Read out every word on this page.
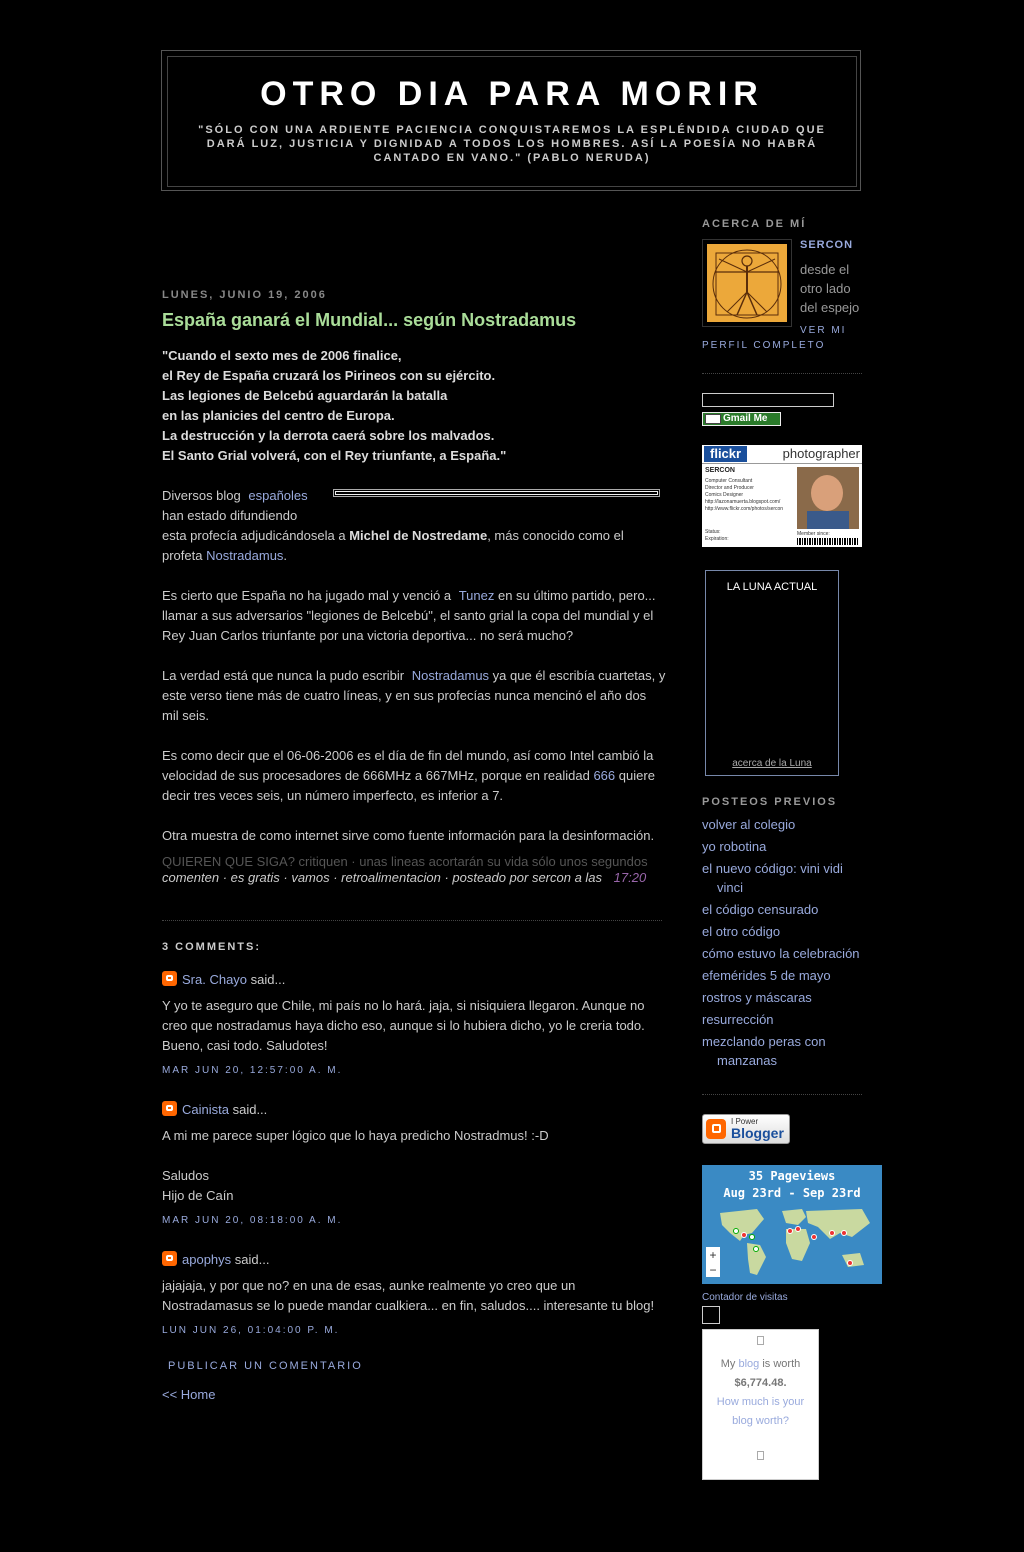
OTRO DIA PARA MORIR
"SÓLO CON UNA ARDIENTE PACIENCIA CONQUISTAREMOS LA ESPLÉNDIDA CIUDAD QUE DARÁ LUZ, JUSTICIA Y DIGNIDAD A TODOS LOS HOMBRES. ASÍ LA POESÍA NO HABRÁ CANTADO EN VANO." (PABLO NERUDA)
LUNES, JUNIO 19, 2006
España ganará el Mundial... según Nostradamus
"Cuando el sexto mes de 2006 finalice,
el Rey de España cruzará los Pirineos con su ejército.
Las legiones de Belcebú aguardarán la batalla
en las planicies del centro de Europa.
La destrucción y la derrota caerá sobre los malvados.
El Santo Grial volverá, con el Rey triunfante, a España."
Diversos blog españoles
han estado difundiendo
esta profecía adjudicándosela a Michel de Nostredame, más conocido como el
profeta Nostradamus.
Es cierto que España no ha jugado mal y venció a Tunez en su último partido, pero...
llamar a sus adversarios "legiones de Belcebú", el santo grial la copa del mundial y el
Rey Juan Carlos triunfante por una victoria deportiva... no será mucho?
La verdad está que nunca la pudo escribir Nostradamus ya que él escribía cuartetas, y
este verso tiene más de cuatro líneas, y en sus profecías nunca mencinó el año dos
mil seis.
Es como decir que el 06-06-2006 es el día de fin del mundo, así como Intel cambió la
velocidad de sus procesadores de 666MHz a 667MHz, porque en realidad 666 quiere
decir tres veces seis, un número imperfecto, es inferior a 7.
Otra muestra de como internet sirve como fuente información para la desinformación.
QUIEREN QUE SIGA? critiquen · unas lineas acortarán su vida sólo unos segundos
comenten · es gratis · vamos · retroalimentacion · posteado por sercon a las 17:20
3 COMMENTS:
Sra. Chayo said...
Y yo te aseguro que Chile, mi país no lo hará. jaja, si nisiquiera llegaron. Aunque no
creo que nostradamus haya dicho eso, aunque si lo hubiera dicho, yo le creria todo.
Bueno, casi todo. Saludotes!
MAR JUN 20, 12:57:00 A. M.
Cainista said...
A mi me parece super lógico que lo haya predicho Nostradmus! :-D
Saludos
Hijo de Caín
MAR JUN 20, 08:18:00 A. M.
apophys said...
jajajaja, y por que no? en una de esas, aunke realmente yo creo que un
Nostradamasus se lo puede mandar cualkiera... en fin, saludos.... interesante tu blog!
LUN JUN 26, 01:04:00 P. M.
PUBLICAR UN COMENTARIO
<< Home
ACERCA DE MÍ
SERCON
desde el
otro lado
del espejo
VER MI
PERFIL COMPLETO
Gmail Me
flickr	photographer
SERCON
Computer Consultant
Director and Producer
Comics Designer
http://lazonamuerta.blogspot.com/
http://www.flickr.com/photos/sercon
Status:
Expiration:
Member since:
LA LUNA ACTUAL
acerca de la Luna
POSTEOS PREVIOS
volver al colegio
yo robotina
el nuevo código: vini vidi vinci
el código censurado
el otro código
cómo estuvo la celebración
efemérides 5 de mayo
rostros y máscaras
resurrección
mezclando peras con manzanas
I Power
Blogger
35 Pageviews
Aug 23rd - Sep 23rd
+
−
Contador de visitas
My blog is worth
$6,774.48.
How much is your blog worth?
